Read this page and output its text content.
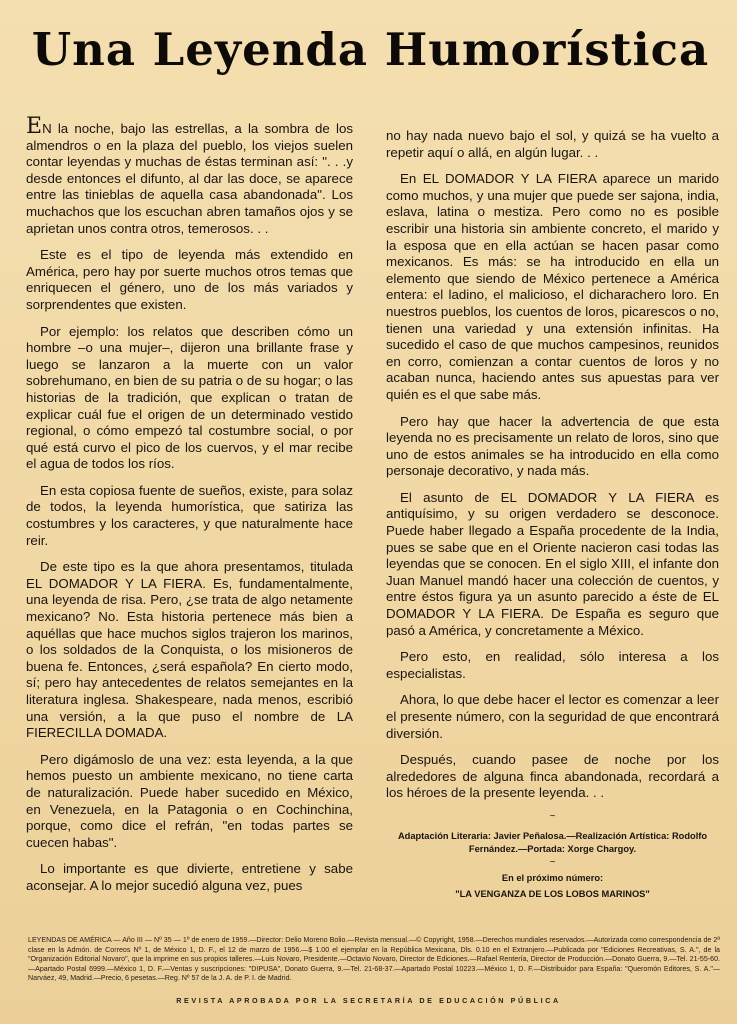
Una Leyenda Humorística

EN la noche, bajo las estrellas, a la sombra de los almendros o en la plaza del pueblo, los viejos suelen contar leyendas y muchas de éstas terminan así: ". . .y desde entonces el difunto, al dar las doce, se aparece entre las tinieblas de aquella casa abandonada". Los muchachos que los escuchan abren tamaños ojos y se aprietan unos contra otros, temerosos. . .

Este es el tipo de leyenda más extendido en América, pero hay por suerte muchos otros temas que enriquecen el género, uno de los más variados y sorprendentes que existen.

Por ejemplo: los relatos que describen cómo un hombre –o una mujer–, dijeron una brillante frase y luego se lanzaron a la muerte con un valor sobrehumano, en bien de su patria o de su hogar; o las historias de la tradición, que explican o tratan de explicar cuál fue el origen de un determinado vestido regional, o cómo empezó tal costumbre social, o por qué está curvo el pico de los cuervos, y el mar recibe el agua de todos los ríos.

En esta copiosa fuente de sueños, existe, para solaz de todos, la leyenda humorística, que satiriza las costumbres y los caracteres, y que naturalmente hace reir.

De este tipo es la que ahora presentamos, titulada EL DOMADOR Y LA FIERA. Es, fundamentalmente, una leyenda de risa. Pero, ¿se trata de algo netamente mexicano? No. Esta historia pertenece más bien a aquéllas que hace muchos siglos trajeron los marinos, o los soldados de la Conquista, o los misioneros de buena fe. Entonces, ¿será española? En cierto modo, sí; pero hay antecedentes de relatos semejantes en la literatura inglesa. Shakespeare, nada menos, escribió una versión, a la que puso el nombre de LA FIERECILLA DOMADA.

Pero digámoslo de una vez: esta leyenda, a la que hemos puesto un ambiente mexicano, no tiene carta de naturalización. Puede haber sucedido en México, en Venezuela, en la Patagonia o en Cochinchina, porque, como dice el refrán, "en todas partes se cuecen habas".

Lo importante es que divierte, entretiene y sabe aconsejar. A lo mejor sucedió alguna vez, pues

no hay nada nuevo bajo el sol, y quizá se ha vuelto a repetir aquí o allá, en algún lugar. . .

En EL DOMADOR Y LA FIERA aparece un marido como muchos, y una mujer que puede ser sajona, india, eslava, latina o mestiza. Pero como no es posible escribir una historia sin ambiente concreto, el marido y la esposa que en ella actúan se hacen pasar como mexicanos. Es más: se ha introducido en ella un elemento que siendo de México pertenece a América entera: el ladino, el malicioso, el dicharachero loro. En nuestros pueblos, los cuentos de loros, picarescos o no, tienen una variedad y una extensión infinitas. Ha sucedido el caso de que muchos campesinos, reunidos en corro, comienzan a contar cuentos de loros y no acaban nunca, haciendo antes sus apuestas para ver quién es el que sabe más.

Pero hay que hacer la advertencia de que esta leyenda no es precisamente un relato de loros, sino que uno de estos animales se ha introducido en ella como personaje decorativo, y nada más.

El asunto de EL DOMADOR Y LA FIERA es antiquísimo, y su origen verdadero se desconoce. Puede haber llegado a España procedente de la India, pues se sabe que en el Oriente nacieron casi todas las leyendas que se conocen. En el siglo XIII, el infante don Juan Manuel mandó hacer una colección de cuentos, y entre éstos figura ya un asunto parecido a éste de EL DOMADOR Y LA FIERA. De España es seguro que pasó a América, y concretamente a México.

Pero esto, en realidad, sólo interesa a los especialistas.

Ahora, lo que debe hacer el lector es comenzar a leer el presente número, con la seguridad de que encontrará diversión.

Después, cuando pasee de noche por los alrededores de alguna finca abandonada, recordará a los héroes de la presente leyenda. . .

~
Adaptación Literaria: Javier Peñalosa.—Realización Artística: Rodolfo Fernández.—Portada: Xorge Chargoy.
~
En el próximo número:
"LA VENGANZA DE LOS LOBOS MARINOS"
LEYENDAS DE AMÉRICA — Año III — Nº 35 — 1º de enero de 1959.—Director: Delio Moreno Bolio.—Revista mensual.—© Copyright, 1958.—Derechos mundiales reservados.—Autorizada como correspondencia de 2ª clase en la Admón. de Correos Nº 1, de México 1, D. F., el 12 de marzo de 1956.—$ 1.00 el ejemplar en la República Mexicana, Dls. 0.10 en el Extranjero.—Publicada por "Ediciones Recreativas, S. A.", de la "Organización Editorial Novaro", que la imprime en sus propios talleres.—Luis Novaro, Presidente.—Octavio Novaro, Director de Ediciones.—Rafael Rentería, Director de Producción.—Donato Guerra, 9.—Tel. 21-55-60.—Apartado Postal 6999.—México 1, D. F.—Ventas y suscripciones: "DIPUSA", Donato Guerra, 9.—Tel. 21-68-37.—Apartado Postal 10223.—México 1, D. F.—Distribuidor para España: "Queromón Editores, S. A."—Narváez, 49, Madrid.—Precio, 6 pesetas.—Reg. Nº 57 de la J. A. de P. I. de Madrid.
REVISTA APROBADA POR LA SECRETARÍA DE EDUCACIÓN PÚBLICA
